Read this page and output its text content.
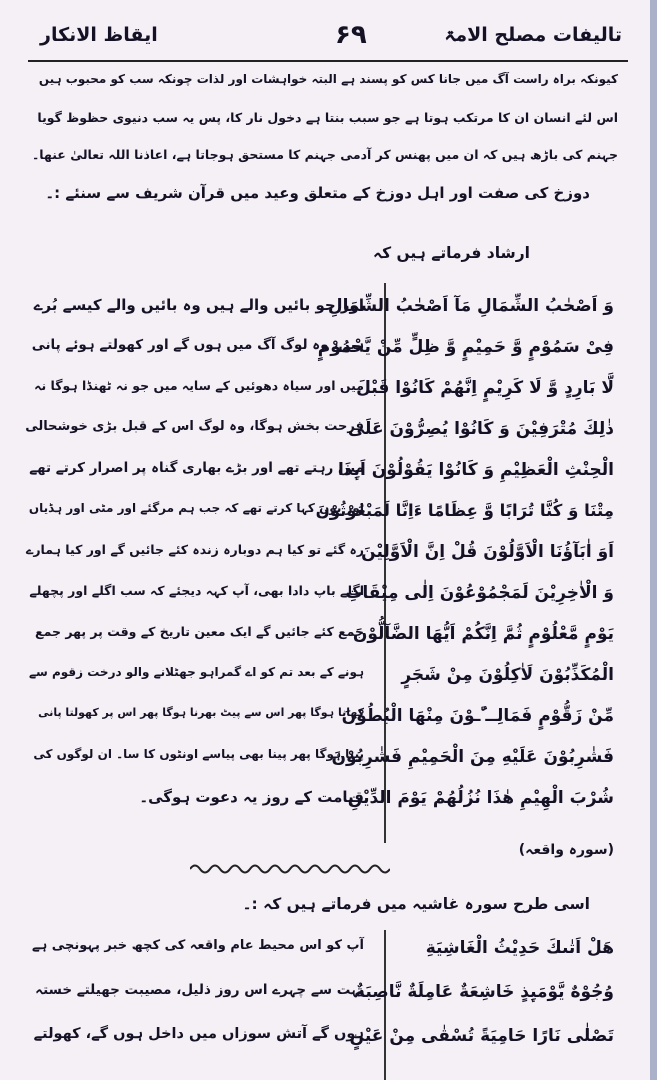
تالیفات مصلح الامۃ
۶۹
ایقاظ الانکار
کیونکہ براہ راست آگ میں جانا کس کو پسند ہے البتہ خواہشات اور لذات چونکہ سب کو محبوب ہیں
اس لئے انسان ان کا مرتکب ہوتا ہے جو سبب بنتا ہے دخول نار کا، پس یہ سب دنیوی حظوظ گویا
جہنم کی باڑھ ہیں کہ ان میں پھنس کر آدمی جہنم کا مستحق ہوجاتا ہے، اعاذنا اللہ تعالیٰ عنھا۔
دوزخ کی صفت اور اہل دوزخ کے متعلق وعید میں قرآن شریف سے سنئے :۔
ارشاد فرماتے ہیں کہ
وَ اَصْحٰبُ الشِّمَالِ مَآ اَصْحٰبُ الشِّمَالِ
فِیْ سَمُوْمٍ وَّ حَمِیْمٍ وَّ ظِلٍّ مِّنْ یَّحْمُوْمٍ
لَّا بَارِدٍ وَّ لَا كَرِیْمٍ اِنَّهُمْ كَانُوْا قَبْلَ
ذٰلِكَ مُتْرَفِیْنَ وَ كَانُوْا یُصِرُّوْنَ عَلَى
الْحِنْثِ الْعَظِیْمِ وَ كَانُوْا یَقُوْلُوْنَ اَىِٕذَا
مِتْنَا وَ كُنَّا تُرَابًا وَّ عِظَامًا ءَاِنَّا لَمَبْعُوْثُوْنَ
اَوَ اٰبَآؤُنَا الْاَوَّلُوْنَ قُلْ اِنَّ الْاَوَّلِیْنَ
وَ الْاٰخِرِیْنَ لَمَجْمُوْعُوْنَ اِلٰى مِیْقَاتِ
یَوْمٍ مَّعْلُوْمٍ ثُمَّ اِنَّكُمْ اَیُّهَا الضَّآلُّوْنَ
الْمُكَذِّبُوْنَ لَاٰكِلُوْنَ مِنْ شَجَرٍ
مِّنْ زَقُّوْمٍ فَمَالِــٴُـوْنَ مِنْهَا الْبُطُوْنَ
فَشٰرِبُوْنَ عَلَیْهِ مِنَ الْحَمِیْمِ فَشٰرِبُوْنَ
شُرْبَ الْهِیْمِ هٰذَا نُزُلُهُمْ یَوْمَ الدِّیْنِ
اور جو بائیں والے ہیں وہ بائیں والے کیسے بُرے
ہیں، وہ لوگ آگ میں ہوں گے اور کھولتے ہوئے پانی
میں اور سیاہ دھوئیں کے سایہ میں جو نہ ٹھنڈا ہوگا نہ
فرحت بخش ہوگا، وہ لوگ اس کے قبل بڑی خوشحالی
میں رہتے تھے اور بڑے بھاری گناہ پر اصرار کرتے تھے
اور یوں کہا کرتے تھے کہ جب ہم مرگئے اور مٹی اور ہڈیاں
رہ گئے تو کیا ہم دوبارہ زندہ کئے جائیں گے اور کیا ہمارے
اگلے باپ دادا بھی، آپ کہہ دیجئے کہ سب اگلے اور پچھلے
جمع کئے جائیں گے ایک معین تاریخ کے وقت پر پھر جمع
ہونے کے بعد تم کو اے گمراہو جھٹلانے والو درخت زقوم سے
کھانا ہوگا پھر اس سے پیٹ بھرنا ہوگا پھر اس پر کھولتا پانی
پینا ہوگا پھر پینا بھی پیاسے اونٹوں کا سا۔ ان لوگوں کی
قیامت کے روز یہ دعوت ہوگی۔
(سورہ واقعہ)
اسی طرح سورہ غاشیہ میں فرماتے ہیں کہ :۔
هَلْ اَتٰىكَ حَدِیْثُ الْغَاشِیَةِ
وُجُوْهٌ یَّوْمَىِٕذٍ خَاشِعَةٌ عَامِلَةٌ نَّاصِبَةٌ
تَصْلٰى نَارًا حَامِیَةً تُسْقٰى مِنْ عَیْنٍ
آپ کو اس محیط عام واقعہ کی کچھ خبر پہونچی ہے
بہت سے چہرے اس روز ذلیل، مصیبت جھیلتے خستہ
ہوں گے آتش سوزاں میں داخل ہوں گے، کھولتے
